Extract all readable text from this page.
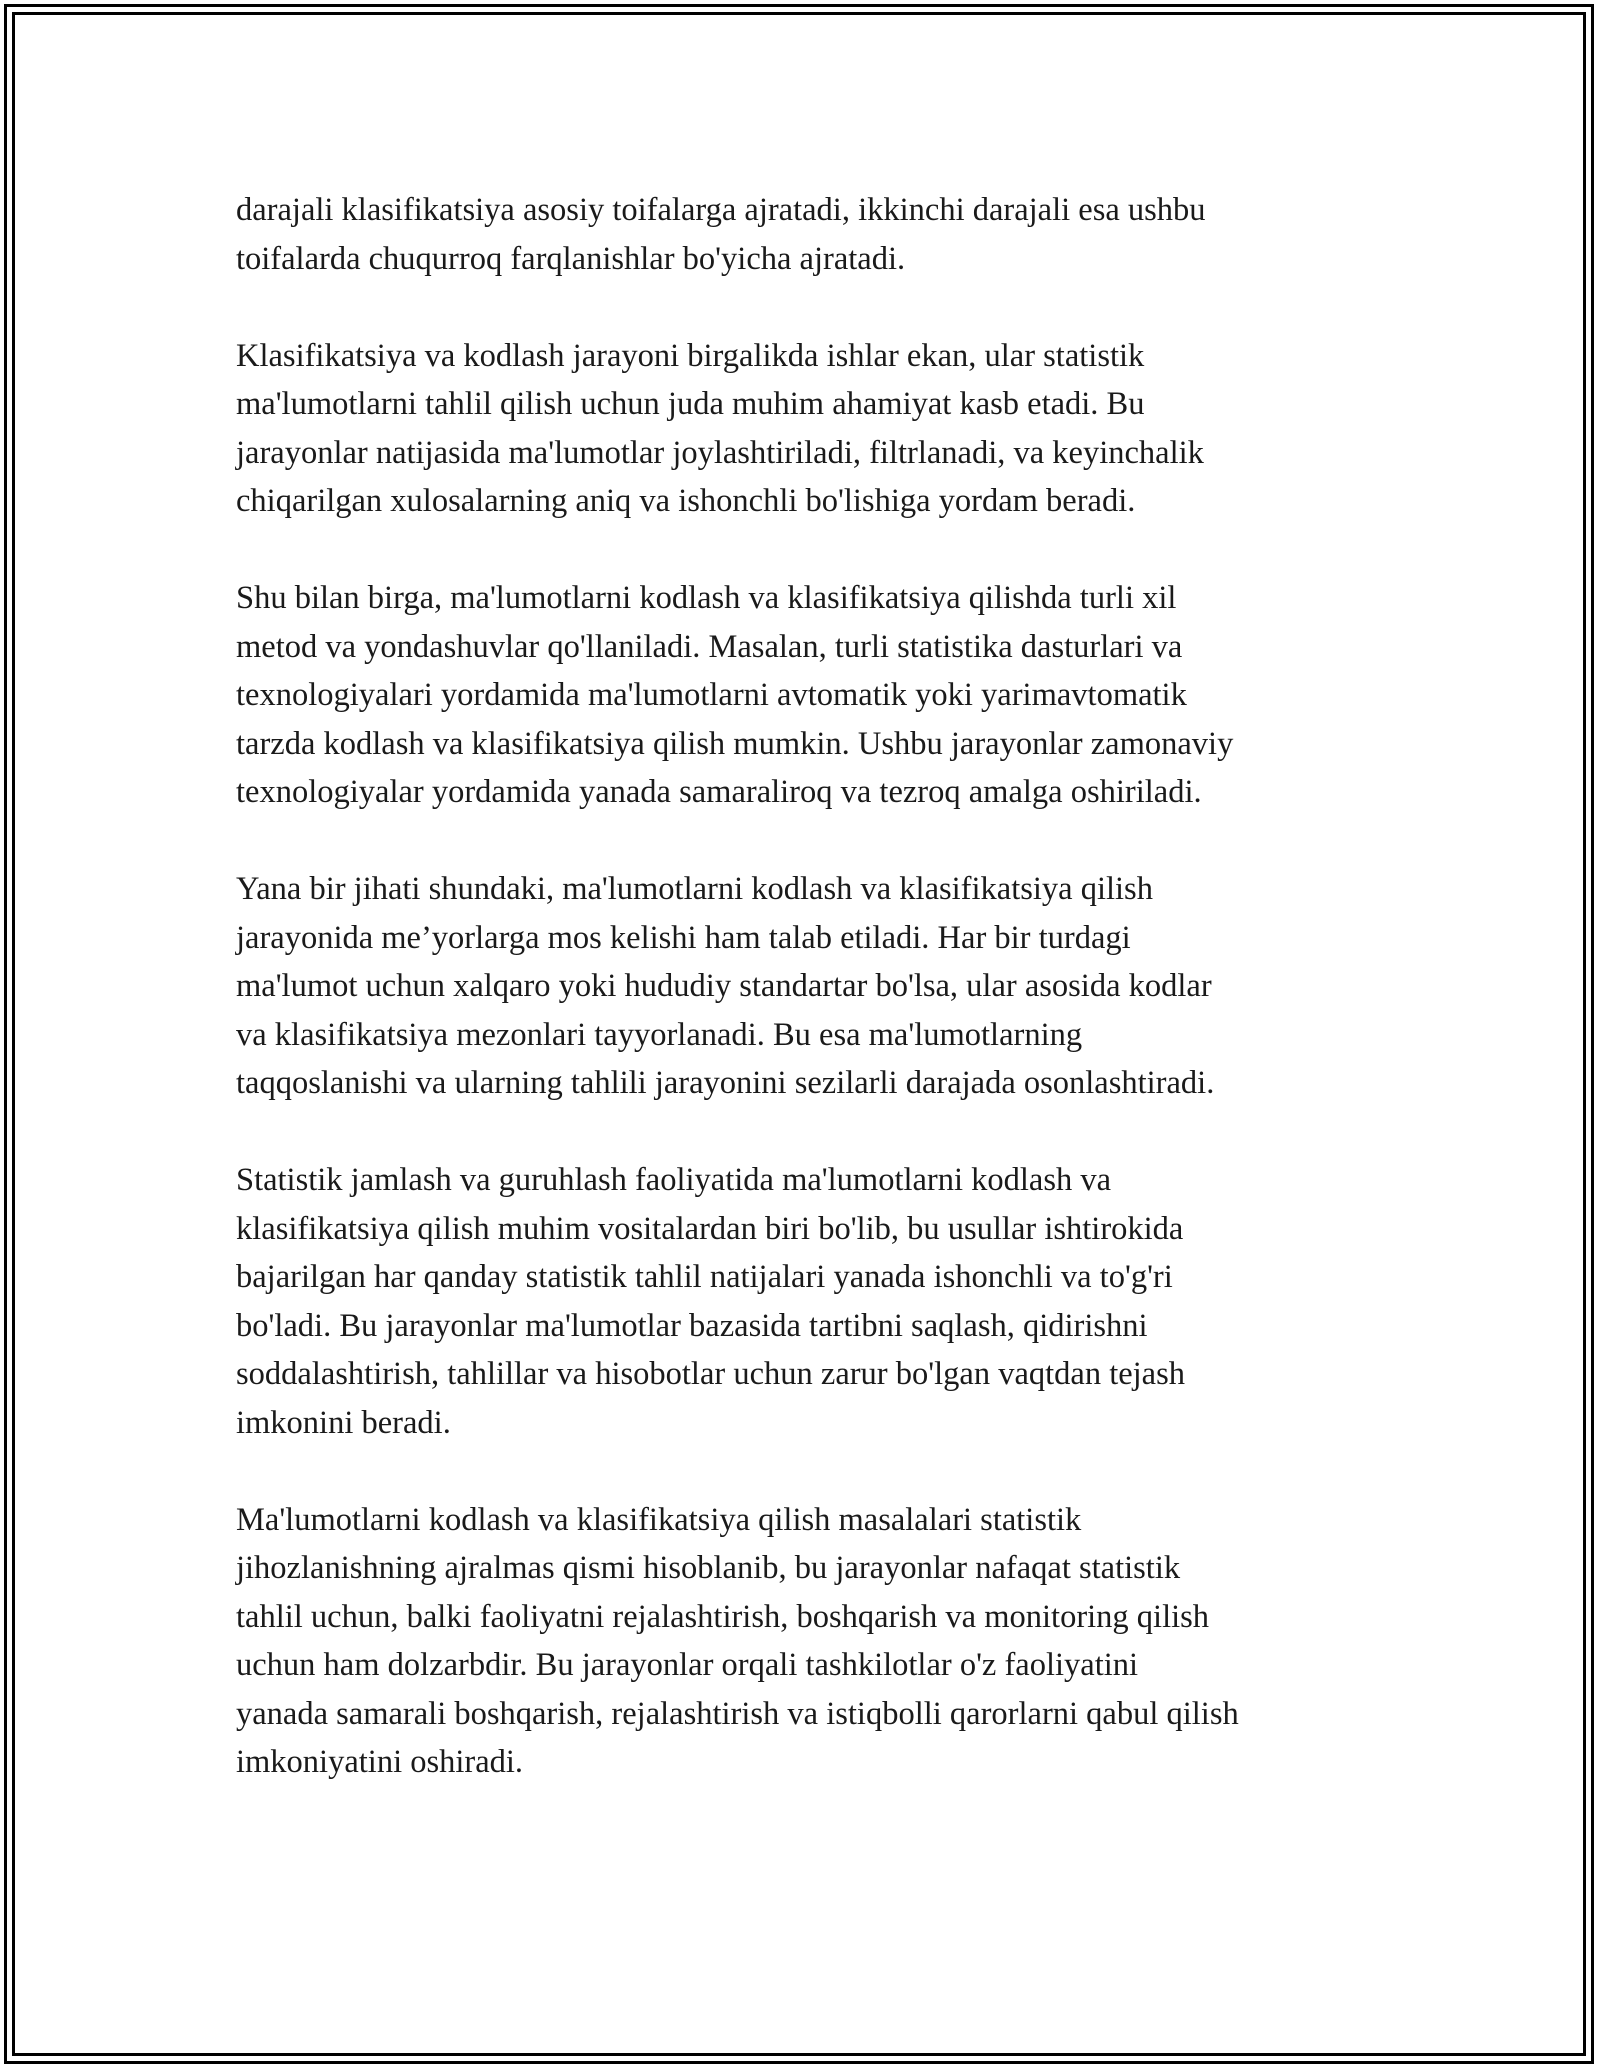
darajali klasifikatsiya asosiy toifalarga ajratadi, ikkinchi darajali esa ushbu
toifalarda chuqurroq farqlanishlar bo'yicha ajratadi.

Klasifikatsiya va kodlash jarayoni birgalikda ishlar ekan, ular statistik
ma'lumotlarni tahlil qilish uchun juda muhim ahamiyat kasb etadi. Bu
jarayonlar natijasida ma'lumotlar joylashtiriladi, filtrlanadi, va keyinchalik
chiqarilgan xulosalarning aniq va ishonchli bo'lishiga yordam beradi.

Shu bilan birga, ma'lumotlarni kodlash va klasifikatsiya qilishda turli xil
metod va yondashuvlar qo'llaniladi. Masalan, turli statistika dasturlari va
texnologiyalari yordamida ma'lumotlarni avtomatik yoki yarimavtomatik
tarzda kodlash va klasifikatsiya qilish mumkin. Ushbu jarayonlar zamonaviy
texnologiyalar yordamida yanada samaraliroq va tezroq amalga oshiriladi.

Yana bir jihati shundaki, ma'lumotlarni kodlash va klasifikatsiya qilish
jarayonida me’yorlarga mos kelishi ham talab etiladi. Har bir turdagi
ma'lumot uchun xalqaro yoki hududiy standartar bo'lsa, ular asosida kodlar
va klasifikatsiya mezonlari tayyorlanadi. Bu esa ma'lumotlarning
taqqoslanishi va ularning tahlili jarayonini sezilarli darajada osonlashtiradi.

Statistik jamlash va guruhlash faoliyatida ma'lumotlarni kodlash va
klasifikatsiya qilish muhim vositalardan biri bo'lib, bu usullar ishtirokida
bajarilgan har qanday statistik tahlil natijalari yanada ishonchli va to'g'ri
bo'ladi. Bu jarayonlar ma'lumotlar bazasida tartibni saqlash, qidirishni
soddalashtirish, tahlillar va hisobotlar uchun zarur bo'lgan vaqtdan tejash
imkonini beradi.

Ma'lumotlarni kodlash va klasifikatsiya qilish masalalari statistik
jihozlanishning ajralmas qismi hisoblanib, bu jarayonlar nafaqat statistik
tahlil uchun, balki faoliyatni rejalashtirish, boshqarish va monitoring qilish
uchun ham dolzarbdir. Bu jarayonlar orqali tashkilotlar o'z faoliyatini
yanada samarali boshqarish, rejalashtirish va istiqbolli qarorlarni qabul qilish
imkoniyatini oshiradi.
